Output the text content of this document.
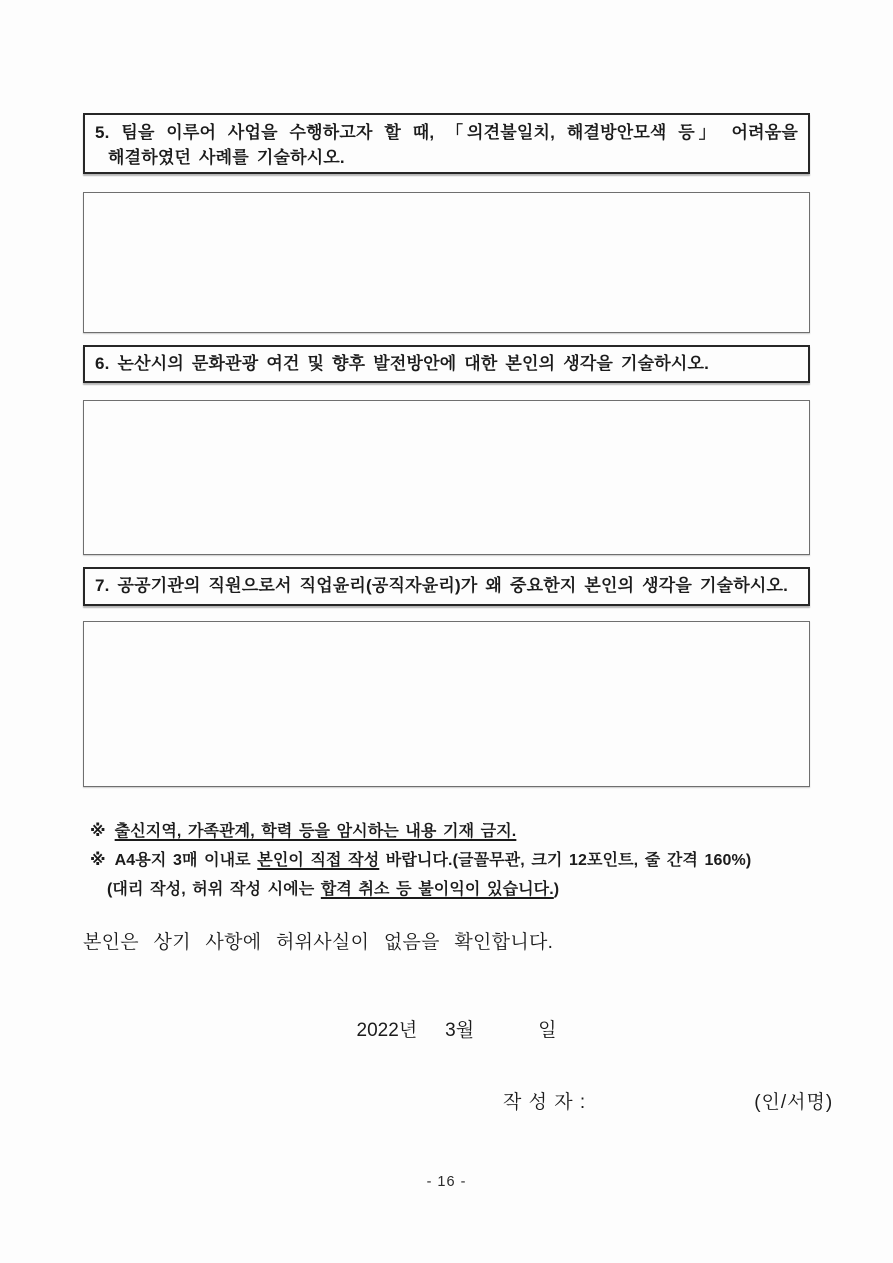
5. 팀을 이루어 사업을 수행하고자 할 때, 「의견불일치, 해결방안모색 등」 어려움을
해결하였던 사례를 기술하시오.
6. 논산시의 문화관광 여건 및 향후 발전방안에 대한 본인의 생각을 기술하시오.
7. 공공기관의 직원으로서 직업윤리(공직자윤리)가 왜 중요한지 본인의 생각을 기술하시오.
※ 출신지역, 가족관계, 학력 등을 암시하는 내용 기재 금지.
※ A4용지 3매 이내로 본인이 직접 작성 바랍니다.(글꼴무관, 크기 12포인트, 줄 간격 160%)
(대리 작성, 허위 작성 시에는 합격 취소 등 불이익이 있습니다.)
본인은 상기 사항에 허위사실이 없음을 확인합니다.
2022년 3월	일
작 성 자 :	(인/서명)
- 16 -
